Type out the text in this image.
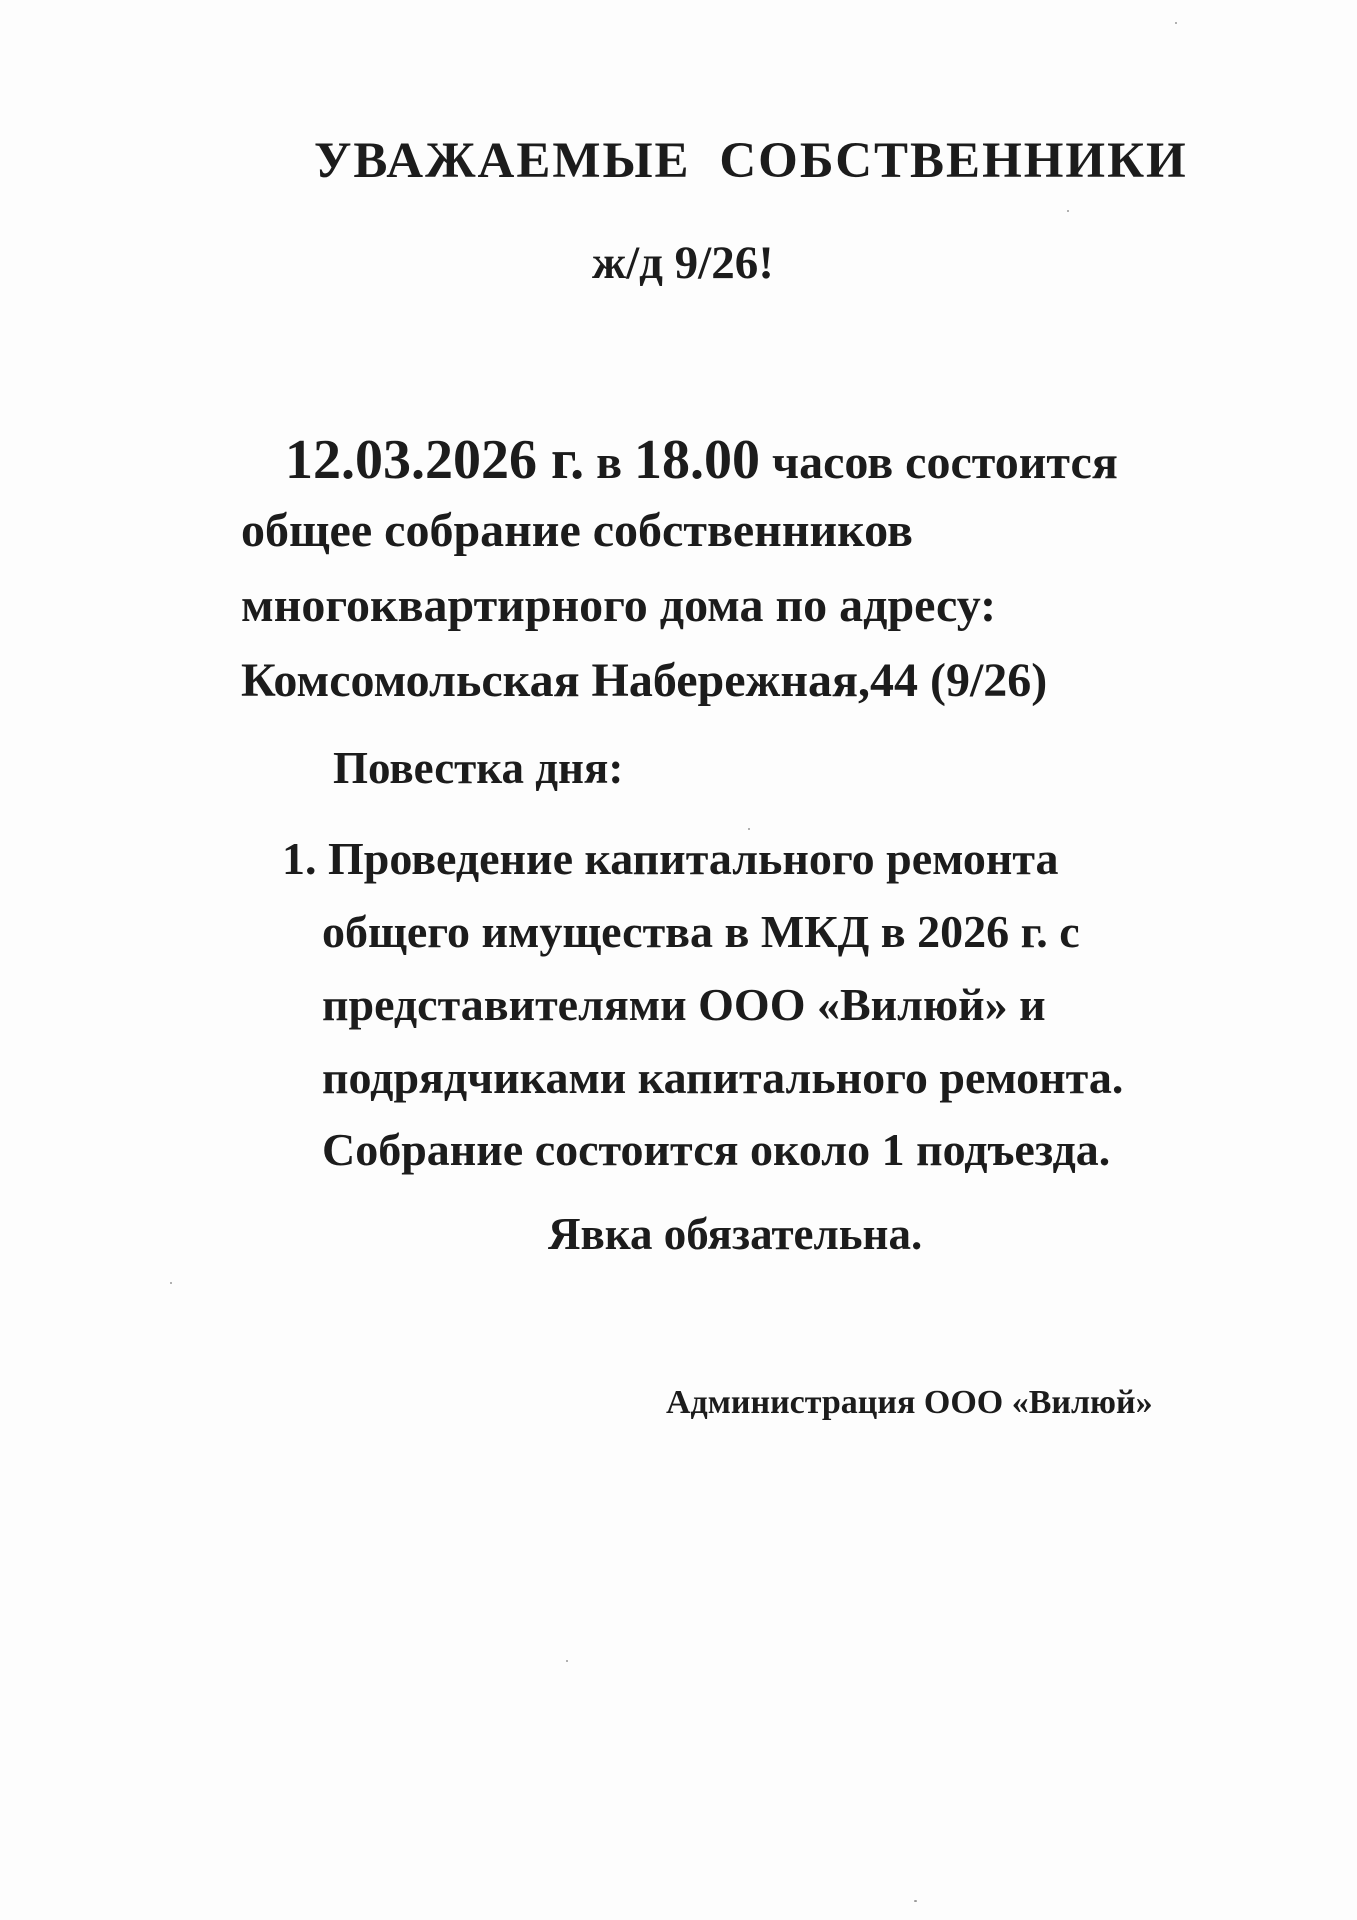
УВАЖАЕМЫЕ СОБСТВЕННИКИ

ж/д 9/26!

12.03.2026 г. в 18.00 часов состоится

общее собрание собственников

многоквартирного дома по адресу:

Комсомольская Набережная,44 (9/26)

Повестка дня:

1. Проведение капитального ремонта

общего имущества в МКД в 2026 г. с

представителями ООО «Вилюй» и

подрядчиками капитального ремонта.

Собрание состоится около 1 подъезда.

Явка обязательна.

Администрация ООО «Вилюй»
